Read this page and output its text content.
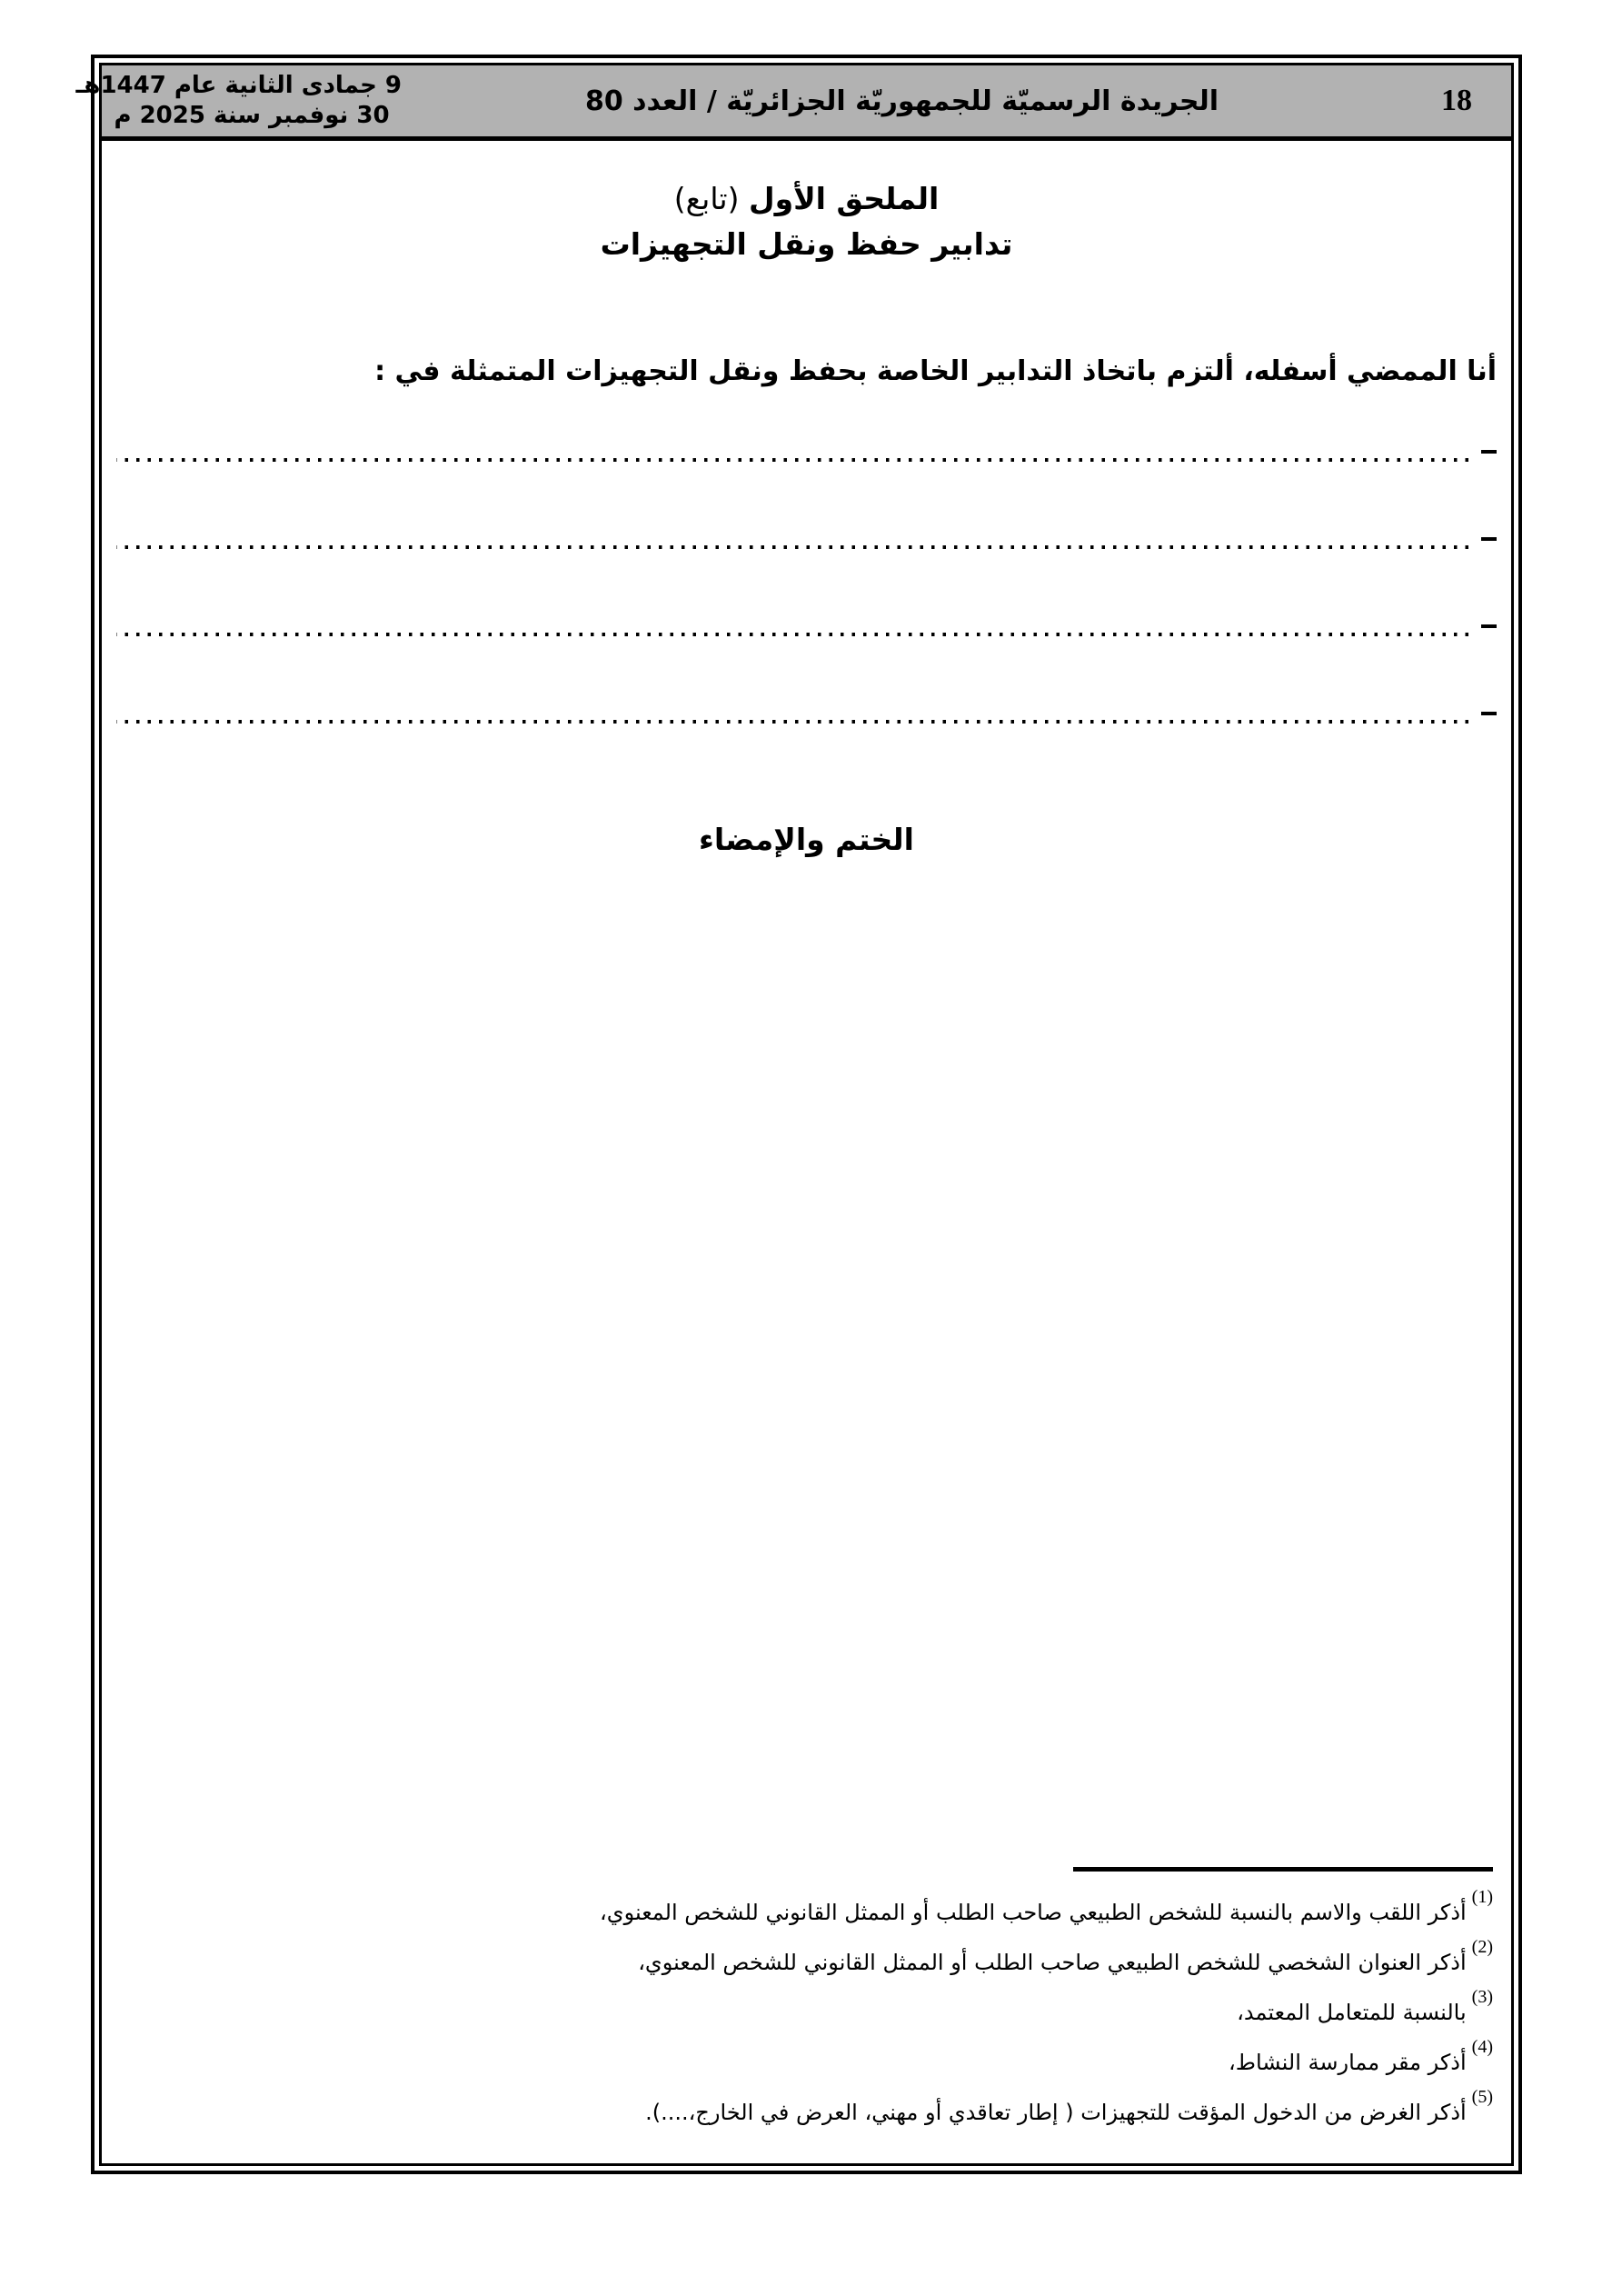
18
الجريدة الرسميّة للجمهوريّة الجزائريّة / العدد 80
9 جمادى الثانية عام 1447هـ
30 نوفمبر سنة 2025 م
الملحق الأول (تابع)
تدابير حفظ ونقل التجهيزات

أنا الممضي أسفله، ألتزم باتخاذ التدابير الخاصة بحفظ ونقل التجهيزات المتمثلة في :

الختم والإمضاء
$^{(1)}$أذكر اللقب والاسم بالنسبة للشخص الطبيعي صاحب الطلب أو الممثل القانوني للشخص المعنوي،
$^{(2)}$أذكر العنوان الشخصي للشخص الطبيعي صاحب الطلب أو الممثل القانوني للشخص المعنوي،
$^{(3)}$بالنسبة للمتعامل المعتمد،
$^{(4)}$أذكر مقر ممارسة النشاط،
$^{(5)}$أذكر الغرض من الدخول المؤقت للتجهيزات ( إطار تعاقدي أو مهني، العرض في الخارج،....).
